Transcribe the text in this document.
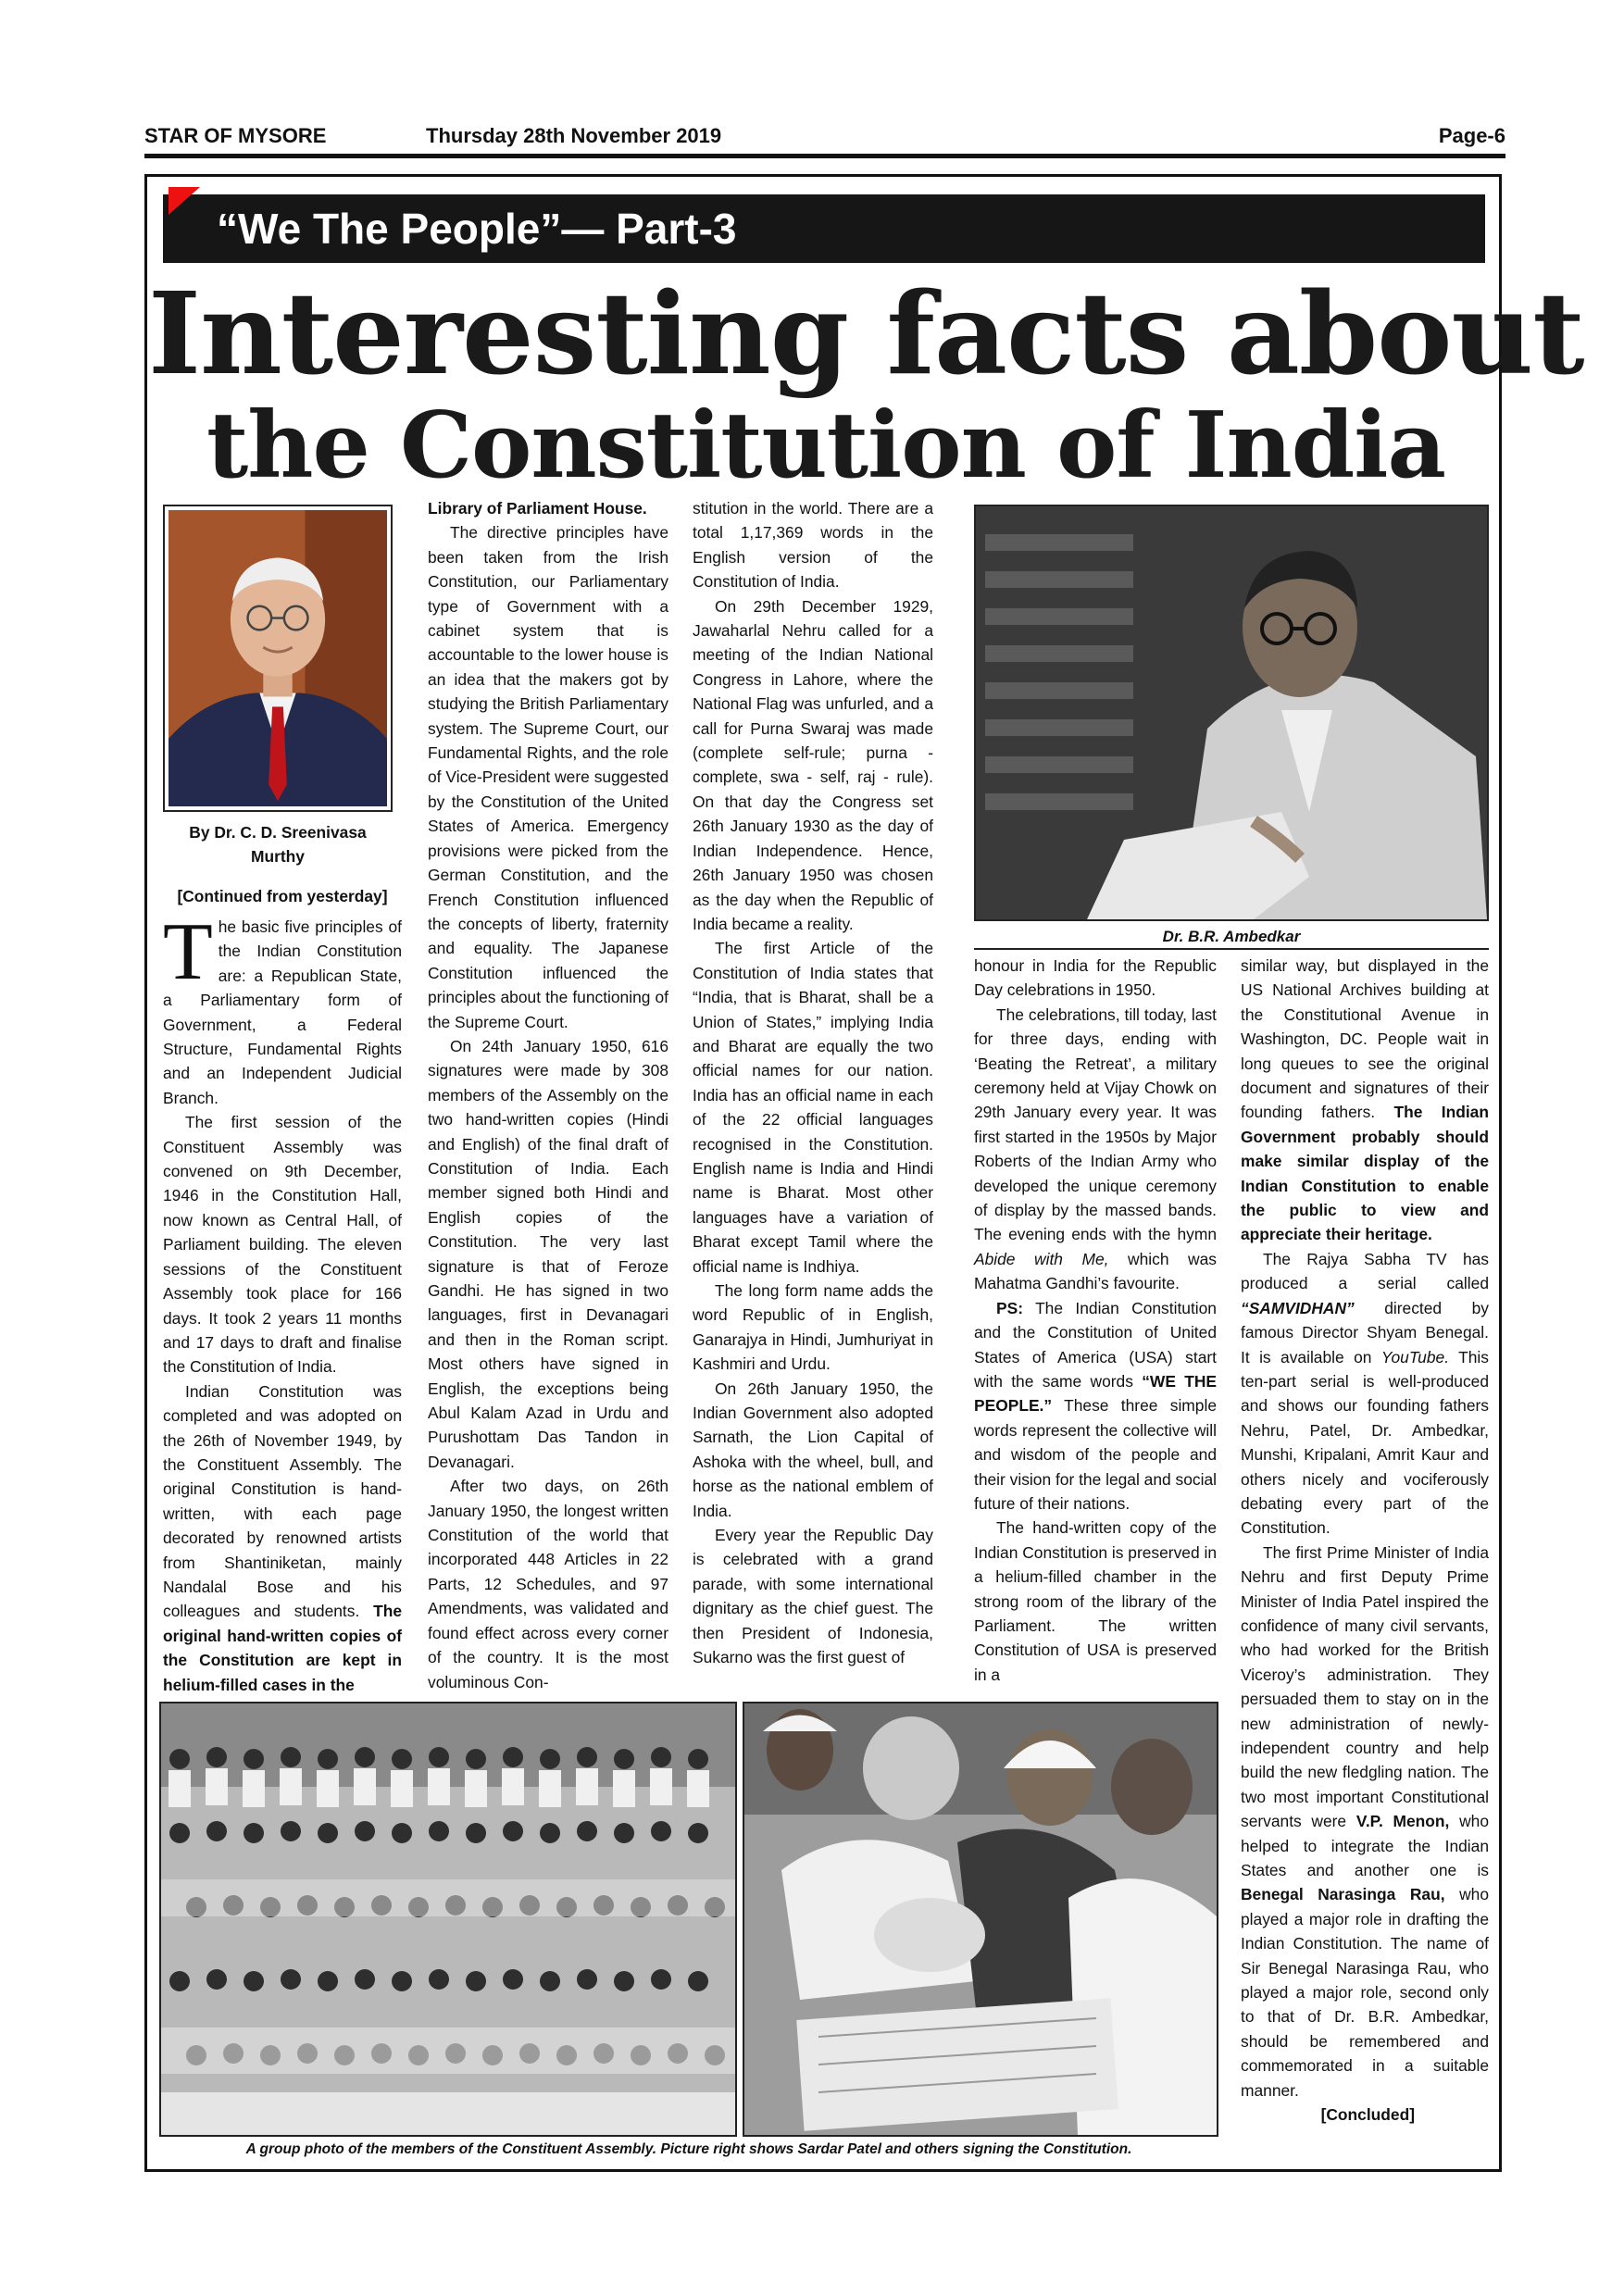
STAR OF MYSORE	Thursday 28th November 2019	Page-6
“We The People”— Part-3
Interesting facts about
the Constitution of India
By Dr. C. D. Sreenivasa Murthy
[Continued from yesterday]

The basic five principles of the Indian Constitution are: a Republican State, a Parliamentary form of Government, a Federal Structure, Fundamental Rights and an Independent Judicial Branch.

The first session of the Constituent Assembly was convened on 9th December, 1946 in the Constitution Hall, now known as Central Hall, of Parliament building. The eleven sessions of the Constituent Assembly took place for 166 days. It took 2 years 11 months and 17 days to draft and finalise the Constitution of India.

Indian Constitution was completed and was adopted on the 26th of November 1949, by the Constituent Assembly. The original Constitution is hand-written, with each page decorated by renowned artists from Shantiniketan, mainly Nandalal Bose and his colleagues and students. The original hand-written copies of the Constitution are kept in helium-filled cases in the

Library of Parliament House.

The directive principles have been taken from the Irish Constitution, our Parliamentary type of Government with a cabinet system that is accountable to the lower house is an idea that the makers got by studying the British Parliamentary system. The Supreme Court, our Fundamental Rights, and the role of Vice-President were suggested by the Constitution of the United States of America. Emergency provisions were picked from the German Constitution, and the French Constitution influenced the concepts of liberty, fraternity and equality. The Japanese Constitution influenced the principles about the functioning of the Supreme Court.

On 24th January 1950, 616 signatures were made by 308 members of the Assembly on the two hand-written copies (Hindi and English) of the final draft of Constitution of India. Each member signed both Hindi and English copies of the Constitution. The very last signature is that of Feroze Gandhi. He has signed in two languages, first in Devanagari and then in the Roman script. Most others have signed in English, the exceptions being Abul Kalam Azad in Urdu and Purushottam Das Tandon in Devanagari.

After two days, on 26th January 1950, the longest written Constitution of the world that incorporated 448 Articles in 22 Parts, 12 Schedules, and 97 Amendments, was validated and found effect across every corner of the country. It is the most voluminous Con-

stitution in the world. There are a total 1,17,369 words in the English version of the Constitution of India.

On 29th December 1929, Jawaharlal Nehru called for a meeting of the Indian National Congress in Lahore, where the National Flag was unfurled, and a call for Purna Swaraj was made (complete self-rule; purna - complete, swa - self, raj - rule). On that day the Congress set 26th January 1930 as the day of Indian Independence. Hence, 26th January 1950 was chosen as the day when the Republic of India became a reality.

The first Article of the Constitution of India states that “India, that is Bharat, shall be a Union of States,” implying India and Bharat are equally the two official names for our nation. India has an official name in each of the 22 official languages recognised in the Constitution. English name is India and Hindi name is Bharat. Most other languages have a variation of Bharat except Tamil where the official name is Indhiya.

The long form name adds the word Republic of in English, Ganarajya in Hindi, Jumhuriyat in Kashmiri and Urdu.

On 26th January 1950, the Indian Government also adopted Sarnath, the Lion Capital of Ashoka with the wheel, bull, and horse as the national emblem of India.

Every year the Republic Day is celebrated with a grand parade, with some international dignitary as the chief guest. The then President of Indonesia, Sukarno was the first guest of

Dr. B.R. Ambedkar

honour in India for the Republic Day celebrations in 1950.

The celebrations, till today, last for three days, ending with ‘Beating the Retreat’, a military ceremony held at Vijay Chowk on 29th January every year. It was first started in the 1950s by Major Roberts of the Indian Army who developed the unique ceremony of display by the massed bands. The evening ends with the hymn Abide with Me, which was Mahatma Gandhi’s favourite.

PS: The Indian Constitution and the Constitution of United States of America (USA) start with the same words “WE THE PEOPLE.” These three simple words represent the collective will and wisdom of the people and their vision for the legal and social future of their nations.

The hand-written copy of the Indian Constitution is preserved in a helium-filled chamber in the strong room of the library of the Parliament. The written Constitution of USA is preserved in a

similar way, but displayed in the US National Archives building at the Constitutional Avenue in Washington, DC. People wait in long queues to see the original document and signatures of their founding fathers. The Indian Government probably should make similar display of the Indian Constitution to enable the public to view and appreciate their heritage.

The Rajya Sabha TV has produced a serial called “SAMVIDHAN” directed by famous Director Shyam Benegal. It is available on YouTube. This ten-part serial is well-produced and shows our founding fathers Nehru, Patel, Dr. Ambedkar, Munshi, Kripalani, Amrit Kaur and others nicely and vociferously debating every part of the Constitution.

The first Prime Minister of India Nehru and first Deputy Prime Minister of India Patel inspired the confidence of many civil servants, who had worked for the British Viceroy’s administration. They persuaded them to stay on in the new administration of newly-independent country and help build the new fledgling nation. The two most important Constitutional servants were V.P. Menon, who helped to integrate the Indian States and another one is Benegal Narasinga Rau, who played a major role in drafting the Indian Constitution. The name of Sir Benegal Narasinga Rau, who played a major role, second only to that of Dr. B.R. Ambedkar, should be remembered and commemorated in a suitable manner.

[Concluded]

A group photo of the members of the Constituent Assembly. Picture right shows Sardar Patel and others signing the Constitution.
